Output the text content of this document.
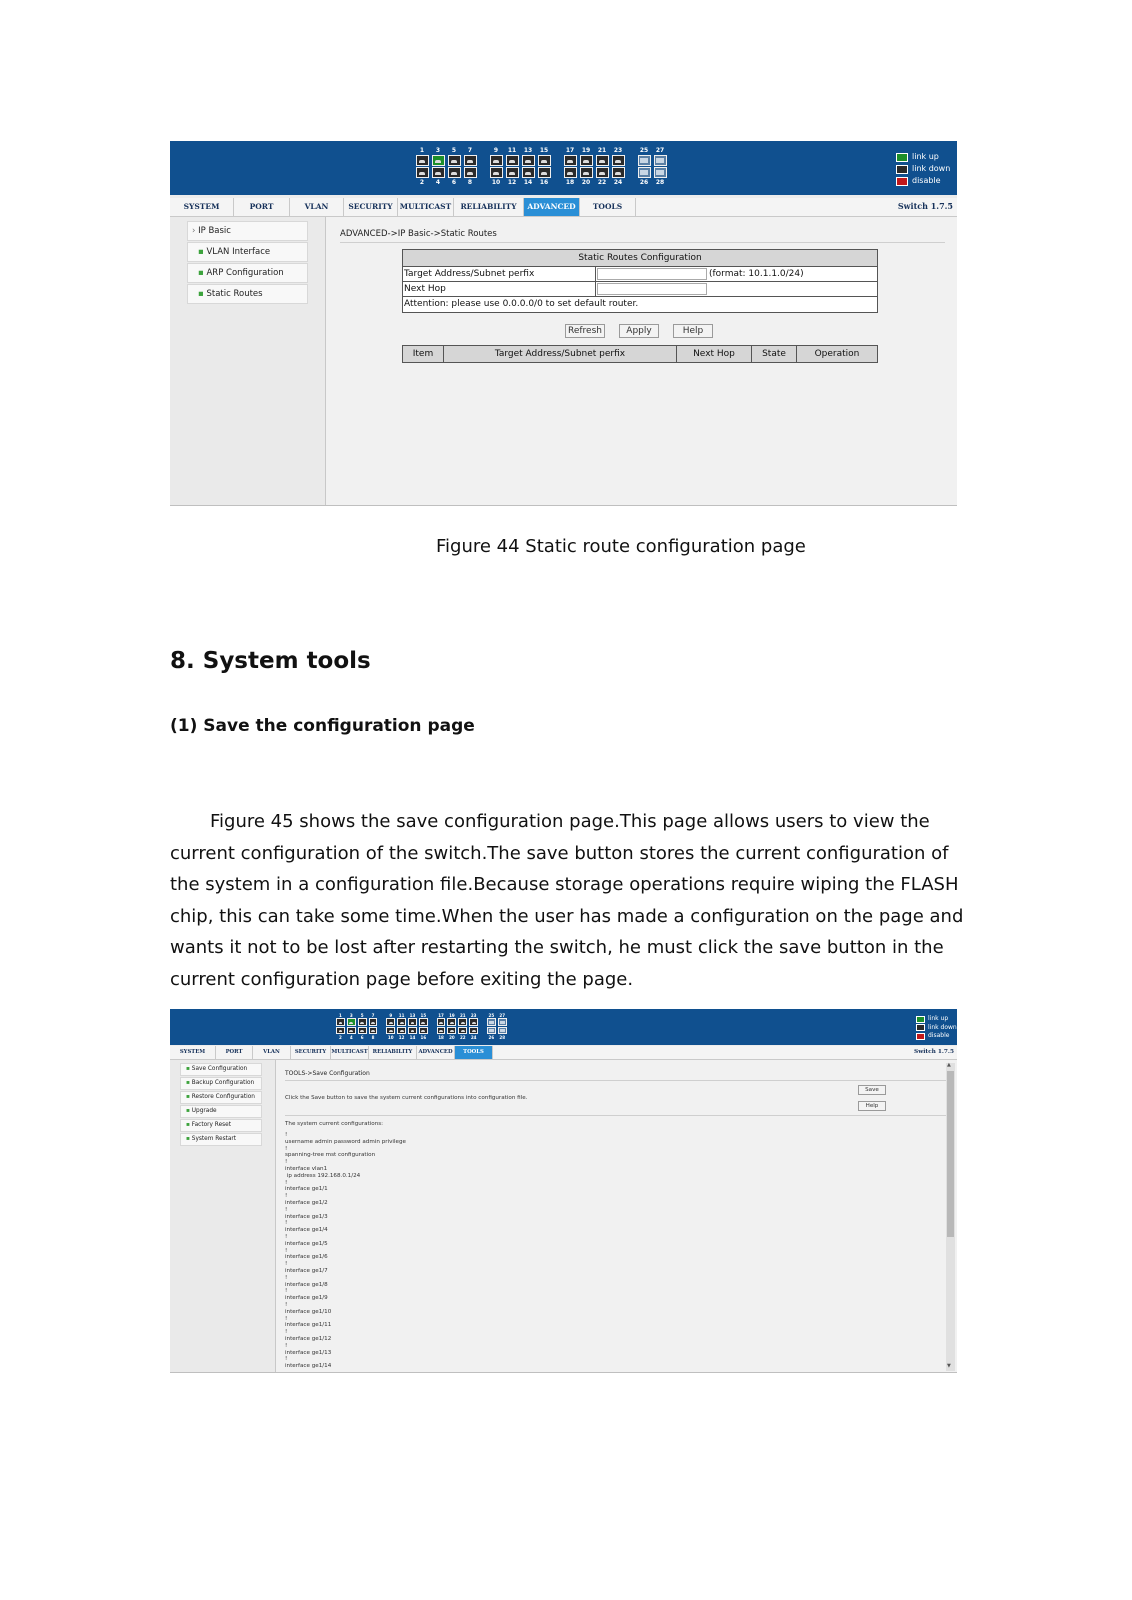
1	3	5	7
2	4	6	8
9	11	13	15
10	12	14	16
17	19	21	23
18	20	22	24
25	27
26	28
link up
link down
disable
SYSTEM	PORT	VLAN	SECURITY MULTICAST	RELIABILITY	ADVANCED	TOOLS	Switch 1.7.5
› IP Basic
▪ VLAN Interface
▪ ARP Configuration
▪ Static Routes
ADVANCED->IP Basic->Static Routes
Static Routes Configuration
Target Address/Subnet perfix	(format: 10.1.1.0/24)
Next Hop
Attention: please use 0.0.0.0/0 to set default router.
Refresh	Apply	Help
Item	Target Address/Subnet perfix	Next Hop	State	Operation
Figure 44 Static route configuration page
8. System tools
(1) Save the configuration page
Figure 45 shows the save configuration page.This page allows users to view the
current configuration of the switch.The save button stores the current configuration of
the system in a configuration file.Because storage operations require wiping the FLASH
chip, this can take some time.When the user has made a configuration on the page and
wants it not to be lost after restarting the switch, he must click the save button in the
current configuration page before exiting the page.
1	3	5	7
2	4	6	8
9	11	13	15
10	12	14	16
17	19	21	23
18	20	22	24
25	27
26	28
link up
link down
disable
SYSTEM	PORT	VLAN	SECURITY MULTICAST RELIABILITY	ADVANCED	TOOLS	Switch 1.7.5
▪ Save Configuration
▪ Backup Configuration
▪ Restore Configuration
▪ Upgrade
▪ Factory Reset
▪ System Restart
TOOLS->Save Configuration
Click the Save button to save the system current configurations into configuration file.
Save
Help
The system current configurations:
!
username admin password admin privilege
!
spanning-tree mst configuration
!
interface vlan1
ip address 192.168.0.1/24
!
interface ge1/1
!
interface ge1/2
!
interface ge1/3
!
interface ge1/4
!
interface ge1/5
!
interface ge1/6
!
interface ge1/7
!
interface ge1/8
!
interface ge1/9
!
interface ge1/10
!
interface ge1/11
!
interface ge1/12
!
interface ge1/13
!
interface ge1/14
▲
▼
